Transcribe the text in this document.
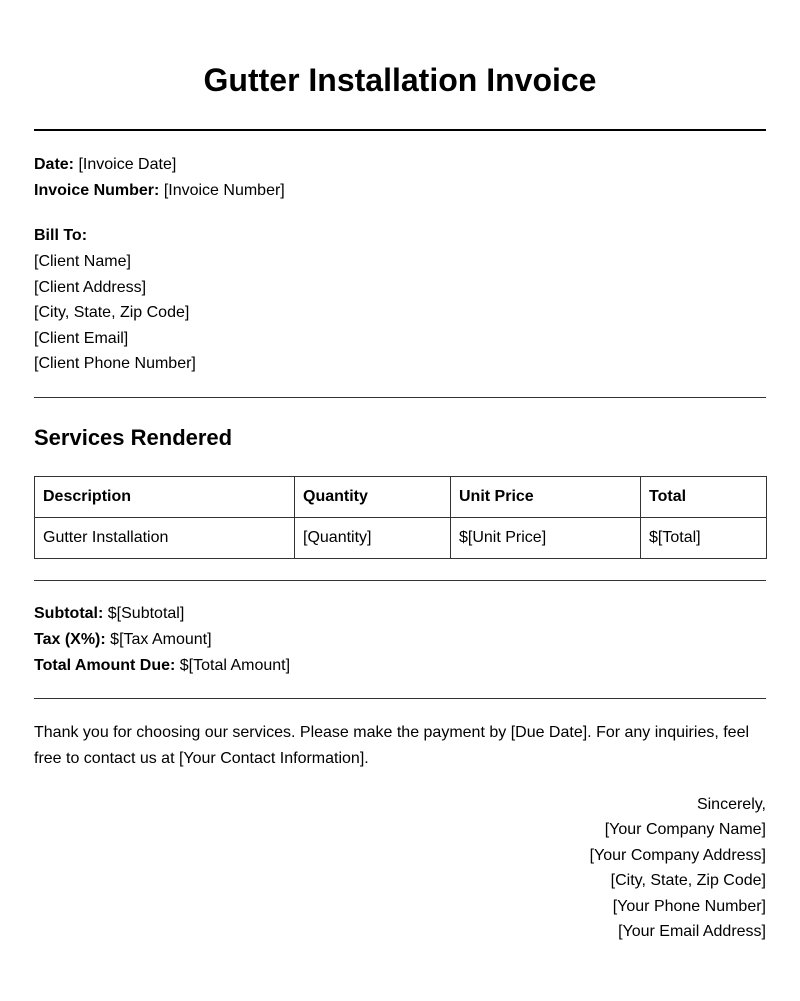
Gutter Installation Invoice
Date: [Invoice Date]
Invoice Number: [Invoice Number]
Bill To:
[Client Name]
[Client Address]
[City, State, Zip Code]
[Client Email]
[Client Phone Number]
Services Rendered
Description	Quantity	Unit Price	Total
Gutter Installation	[Quantity]	$[Unit Price]	$[Total]
Subtotal: $[Subtotal]
Tax (X%): $[Tax Amount]
Total Amount Due: $[Total Amount]

Thank you for choosing our services. Please make the payment by [Due Date]. For any inquiries, feel free to contact us at [Your Contact Information].

Sincerely,
[Your Company Name]
[Your Company Address]
[City, State, Zip Code]
[Your Phone Number]
[Your Email Address]
